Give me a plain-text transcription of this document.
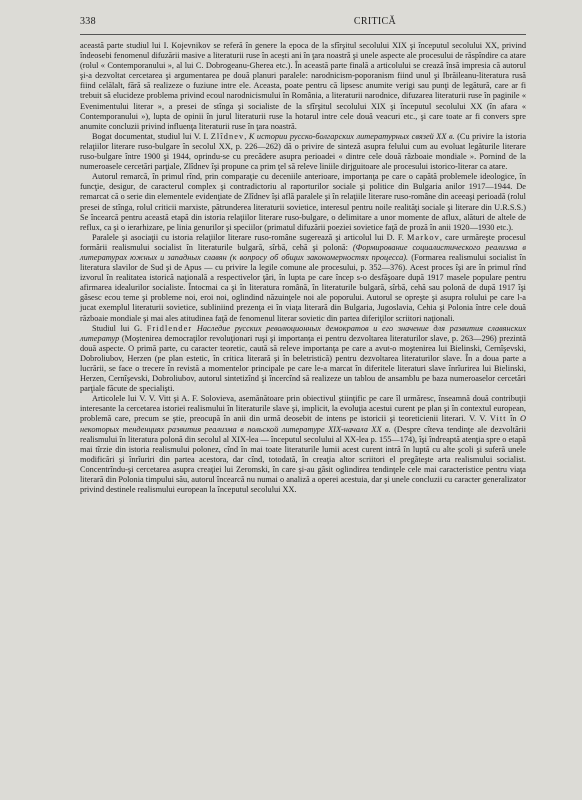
338	CRITICĂ

această parte studiul lui I. Kojevnikov se referă în genere la epoca de la sfîrşitul secolului XIX şi începutul secolului XX, privind îndeosebi fenomenul difuzării masive a literaturii ruse în acești ani în ţara noastră şi unele aspecte ale procesului de răspîndire ca atare (rolul « Contemporanului », al lui C. Dobrogeanu-Gherea etc.). În această parte finală a articolului se crează însă impresia că autorul şi-a dezvoltat cercetarea şi argumentarea pe două planuri paralele: narodnicism-poporanism fiind unul şi Ibrăileanu-literatura rusă fiind celălalt, fără să realizeze o fuziune intre ele. Aceasta, poate pentru că lipsesc anumite verigi sau punţi de legătură, care ar fi trebuit să elucideze problema privind ecoul narodnicismului în România, a literaturii narodnice, difuzarea literaturii ruse în paginile « Evenimentului literar », a presei de stînga şi socialiste de la sfîrşitul secolului XIX şi începutul secolului XX (în afara « Contemporanului »), lupta de opinii în jurul literaturii ruse la hotarul intre cele două veacuri etc., şi care toate ar fi convers spre anumite concluzii privind influenţa literaturii ruse în ţara noastră.

Bogat documentat, studiul lui V. I. Zlîdnev, К истории русско-болгарских литературных связей ХХ в. (Cu privire la istoria relaţiilor literare ruso-bulgare în secolul XX, p. 226—262) dă o privire de sinteză asupra felului cum au evoluat legăturile literare ruso-bulgare între 1900 şi 1944, oprindu-se cu precădere asupra perioadei « dintre cele două războaie mondiale ». Pornind de la numeroasele cercetări parţiale, Zlîdnev îşi propune ca prim ţel să releve liniile dirjguitoare ale procesului istorico-literar ca atare.

Autorul remarcă, în primul rînd, prin comparaţie cu deceniile anterioare, importanţa pe care o capătă problemele ideologice, în funcţie, desigur, de caracterul complex şi contradictoriu al raporturilor sociale şi politice din Bulgaria anilor 1917—1944. De remarcat că o serie din elementele evidenţiate de Zlîdnev își află paralele şi în relaţiile literare ruso-române din aceeaşi perioadă (rolul presei de stînga, rolul criticii marxiste, pătrunderea literaturii sovietice, interesul pentru noile realităţi sociale şi literare din U.R.S.S.) Se încearcă pentru această etapă din istoria relaţiilor literare ruso-bulgare, o delimitare a unor momente de aflux, alături de altele de reflux, ca şi o ierarhizare, pe linia genurilor şi speciilor (primatul difuzării poeziei sovietice faţă de proză în anii 1920—1930 etc.).

Paralele şi asociaţii cu istoria relaţiilor literare ruso-române sugerează şi articolul lui D. F. Markov, care urmăreşte procesul formării realismului socialist în literaturile bulgară, sîrbă, cehă şi polonă: (Формирование социалистического реализма в литературах южных и западных славян (к вопросу об общих закономерностях процесса). (Formarea realismului socialist în literatura slavilor de Sud şi de Apus — cu privire la legile comune ale procesului, p. 352—376). Acest proces îşi are în primul rînd izvorul în realitatea istorică naţională a respectivelor ţări, în lupta pe care încep s-o desfăşoare după 1917 masele populare pentru afirmarea idealurilor socialiste. Întocmai ca şi în literatura română, în literaturile bulgară, sîrbă, cehă sau polonă de după 1917 îşi găsesc ecou teme şi probleme noi, eroi noi, oglindind năzuinţele noi ale poporului. Autorul se opreşte şi asupra rolului pe care l-a jucat exemplul literaturii sovietice, subliniind prezenţa ei în viaţa literară din Bulgaria, Jugoslavia, Cehia şi Polonia între cele două războaie mondiale şi mai ales atitudinea faţă de fenomenul literar sovietic din partea diferiţilor scriitori naţionali.

Studiul lui G. Fridlender Наследие русских революционных демократов и его значение для развития славянских литератур (Moştenirea democraţilor revoluţionari ruşi şi importanţa ei pentru dezvoltarea literaturilor slave, p. 263—296) prezintă două aspecte. O primă parte, cu caracter teoretic, caută să releve importanţa pe care a avut-o moştenirea lui Bielinski, Cernîşevski, Dobroliubov, Herzen (pe plan estetic, în critica literară şi în beletristică) pentru dezvoltarea literaturilor slave. În a doua parte a lucrării, se face o trecere în revistă a momentelor principale pe care le-a marcat în diferitele literaturi slave înrîurirea lui Bielinski, Herzen, Cernîşevski, Dobroliubov, autorul sintetizînd şi încercînd să realizeze un tablou de ansamblu pe baza numeroaselor cercetări parţiale făcute de specialişti.

Articolele lui V. V. Vitt şi A. F. Solovieva, asemănătoare prin obiectivul ştiinţific pe care îl urmăresc, înseamnă două contribuţii interesante la cercetarea istoriei realismului în literaturile slave şi, implicit, la evoluţia acestui curent pe plan şi în contextul european, problemă care, precum se ştie, preocupă în anii din urmă deosebit de intens pe istoricii şi teoreticienii literari. V. V. Vitt în О некоторых тенденциях развития реализма в польской литературе XIX-начала ХХ в. (Despre cîteva tendinţe ale dezvoltării realismului în literatura polonă din secolul al XIX-lea — începutul secolului al XX-lea p. 155—174), îşi îndreaptă atenţia spre o etapă mai tîrzie din istoria realismului polonez, cînd în mai toate literaturile lumii acest curent intră în luptă cu alte şcoli şi suferă unele modificări şi înrîuriri din partea acestora, dar cînd, totodată, în creaţia altor scriitori el pregăteşte arta realismului socialist. Concentrîndu-şi cercetarea asupra creaţiei lui Zeromski, în care şi-au găsit oglindirea tendinţele cele mai caracteristice pentru viaţa literară din Polonia timpului său, autorul încearcă nu numai o analiză a operei acestuia, dar şi unele concluzii cu caracter generalizator privind destinele realismului european la începutul secolului XX.
